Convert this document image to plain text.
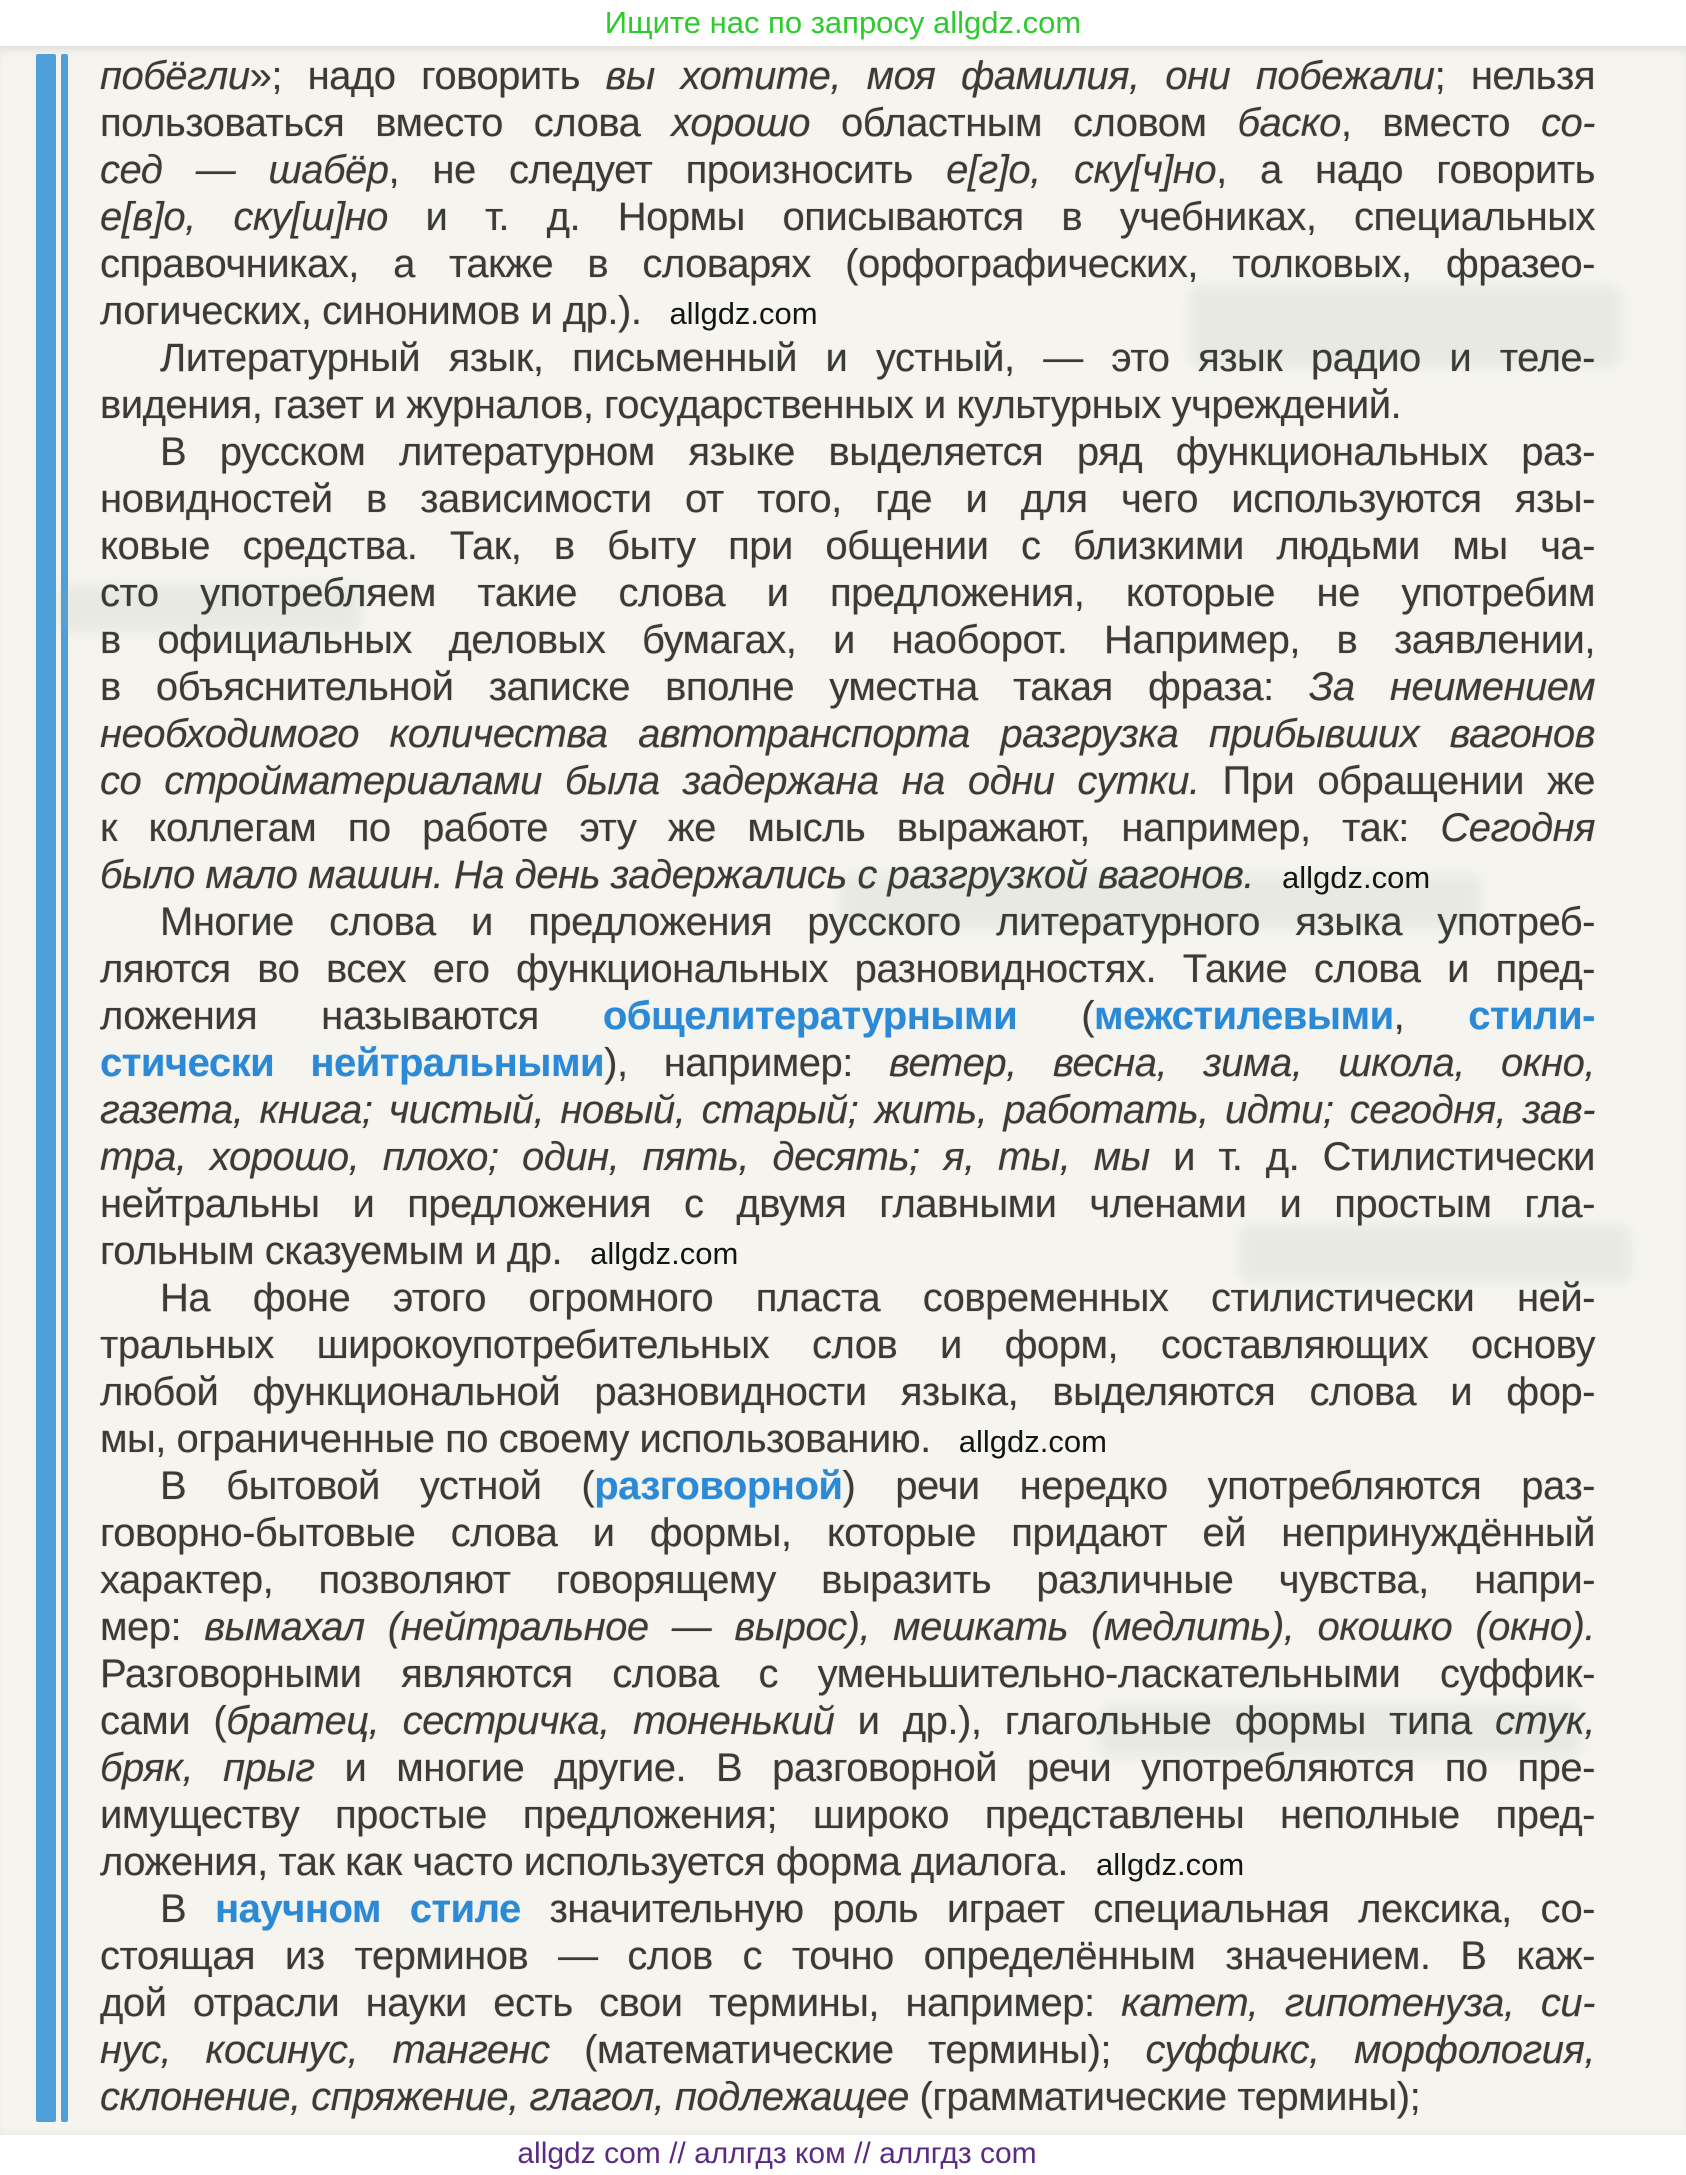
Ищите нас по запросу allgdz.com
побёгли»; надо говорить вы хотите, моя фамилия, они побежали; нельзя
пользоваться вместо слова хорошо областным словом баско, вместо со-
сед — шабёр, не следует произносить е[г]о, ску[ч]но, а надо говорить
е[в]о, ску[ш]но и т. д. Нормы описываются в учебниках, специальных
справочниках, а также в словарях (орфографических, толковых, фразео-
логических, синонимов и др.). allgdz.com
Литературный язык, письменный и устный, — это язык радио и теле-
видения, газет и журналов, государственных и культурных учреждений.
В русском литературном языке выделяется ряд функциональных раз-
новидностей в зависимости от того, где и для чего используются язы-
ковые средства. Так, в быту при общении с близкими людьми мы ча-
сто употребляем такие слова и предложения, которые не употребим
в официальных деловых бумагах, и наоборот. Например, в заявлении,
в объяснительной записке вполне уместна такая фраза: За неимением
необходимого количества автотранспорта разгрузка прибывших вагонов
со стройматериалами была задержана на одни сутки. При обращении же
к коллегам по работе эту же мысль выражают, например, так: Сегодня
было мало машин. На день задержались с разгрузкой вагонов. allgdz.com
Многие слова и предложения русского литературного языка употреб-
ляются во всех его функциональных разновидностях. Такие слова и пред-
ложения называются общелитературными (межстилевыми, стили-
стически нейтральными), например: ветер, весна, зима, школа, окно,
газета, книга; чистый, новый, старый; жить, работать, идти; сегодня, зав-
тра, хорошо, плохо; один, пять, десять; я, ты, мы и т. д. Стилистически
нейтральны и предложения с двумя главными членами и простым гла-
гольным сказуемым и др. allgdz.com
На фоне этого огромного пласта современных стилистически ней-
тральных широкоупотребительных слов и форм, составляющих основу
любой функциональной разновидности языка, выделяются слова и фор-
мы, ограниченные по своему использованию. allgdz.com
В бытовой устной (разговорной) речи нередко употребляются раз-
говорно-бытовые слова и формы, которые придают ей непринуждённый
характер, позволяют говорящему выразить различные чувства, напри-
мер: вымахал (нейтральное — вырос), мешкать (медлить), окошко (окно).
Разговорными являются слова с уменьшительно-ласкательными суффик-
сами (братец, сестричка, тоненький и др.), глагольные формы типа стук,
бряк, прыг и многие другие. В разговорной речи употребляются по пре-
имуществу простые предложения; широко представлены неполные пред-
ложения, так как часто используется форма диалога. allgdz.com
В научном стиле значительную роль играет специальная лексика, со-
стоящая из терминов — слов с точно определённым значением. В каж-
дой отрасли науки есть свои термины, например: катет, гипотенуза, си-
нус, косинус, тангенс (математические термины); суффикс, морфология,
склонение, спряжение, глагол, подлежащее (грамматические термины);
allgdz com // аллгдз ком // аллгдз com
